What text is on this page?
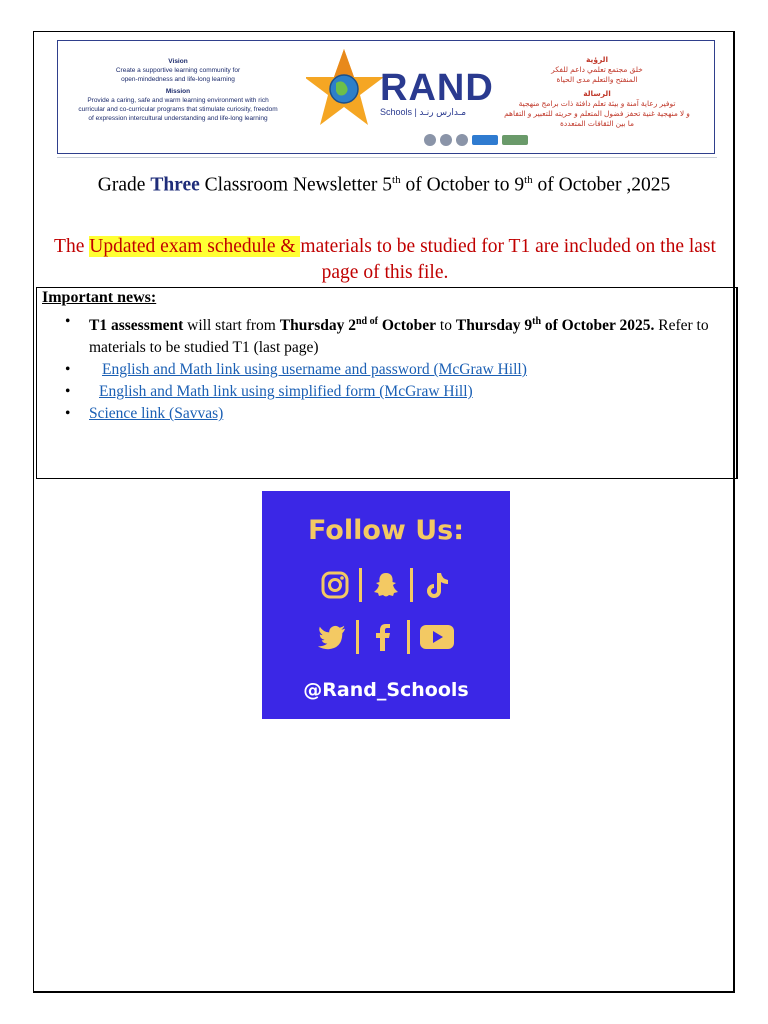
Vision
Create a supportive learning community for
open-mindedness and life-long learning
Mission
Provide a caring, safe and warm learning environment with rich
curricular and co-curricular programs that stimulate curiosity, freedom
of expression intercultural understanding and life-long learning
RAND
Schools | مـدارس رنـد
الرؤية
خلق مجتمع تعلمي داعم للفكر
المنفتح والتعلم مدى الحياة
الرسالة
توفير رعاية آمنة و بيئة تعلم دافئة ذات برامج منهجية
و لا منهجية غنية تحفز فضول المتعلم و حريته للتعبير و التفاهم
ما بين الثقافات المتعددة
Grade Three Classroom Newsletter 5th of October to 9th of October ,2025
The Updated exam schedule & materials to be studied for T1 are included on the last page of this file.
Important news:
• T1 assessment will start from Thursday $2^{nd of}$ October to Thursday 9th of October 2025. Refer to materials to be studied T1 (last page)
• English and Math link using username and password (McGraw Hill)
• English and Math link using simplified form (McGraw Hill)
• Science link (Savvas)
Follow Us:
@Rand_Schools
